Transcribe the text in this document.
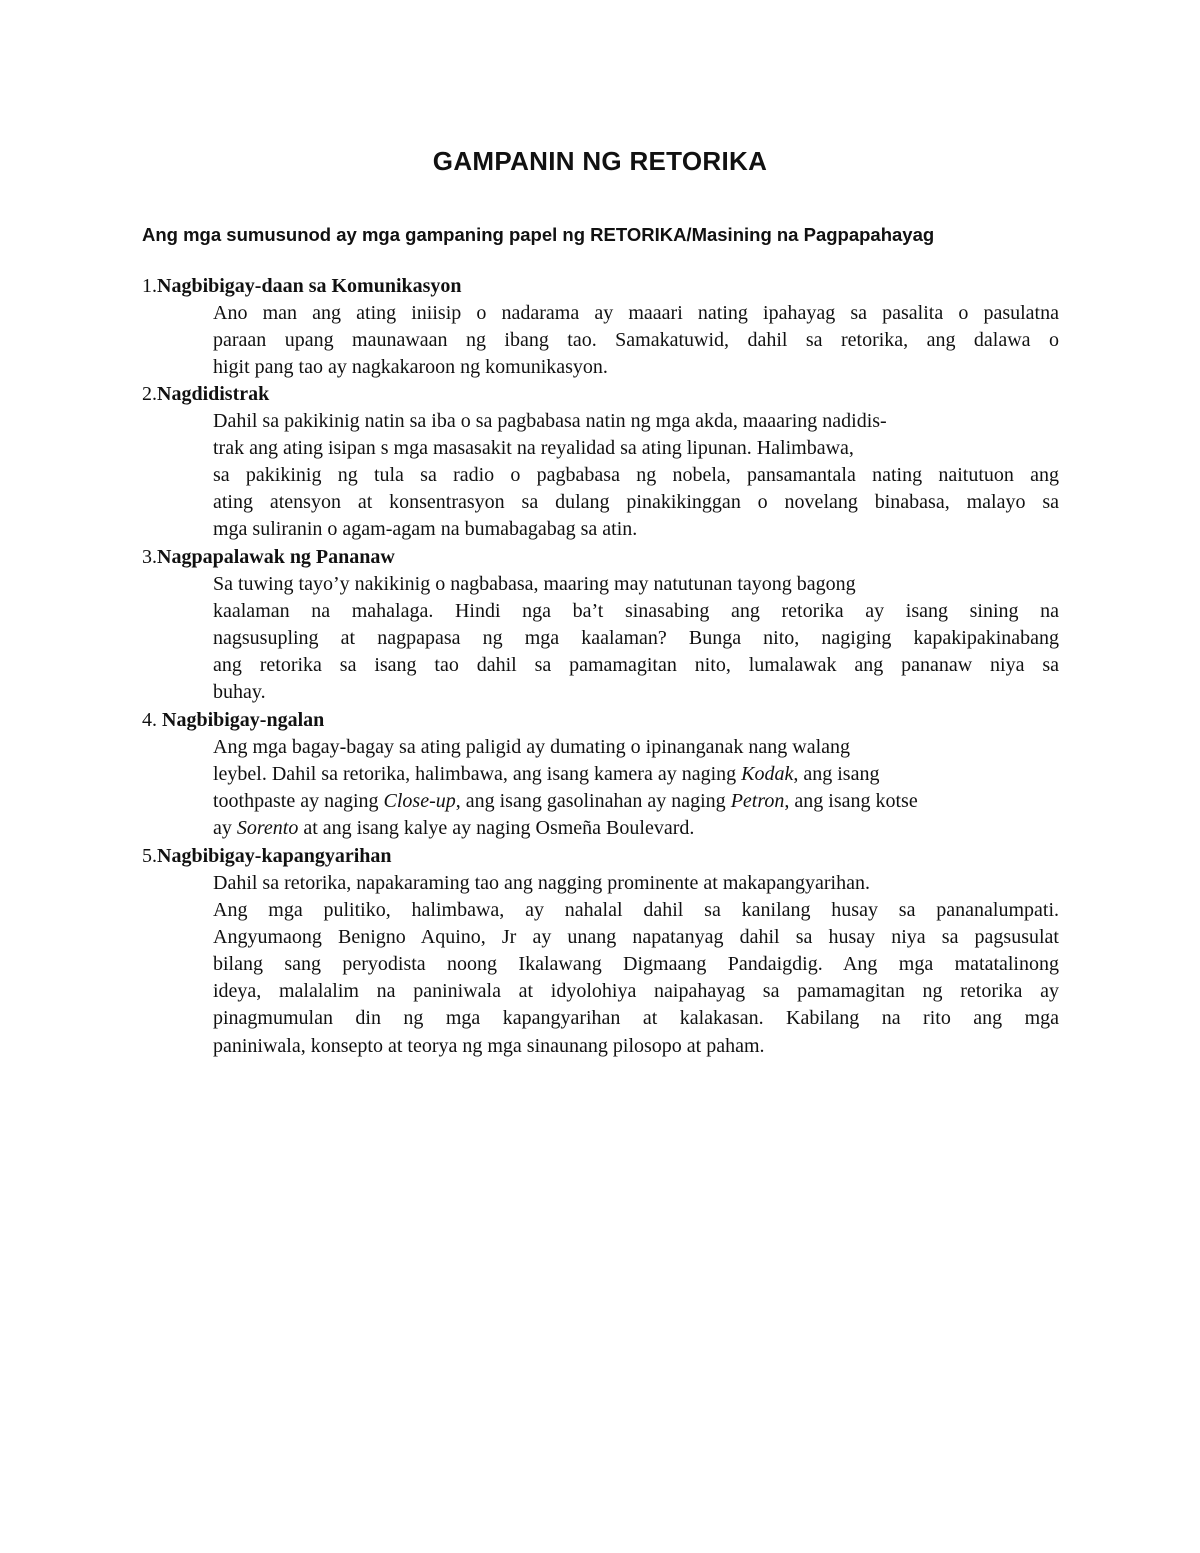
GAMPANIN NG RETORIKA
Ang mga sumusunod ay mga gampaning papel ng RETORIKA/Masining na Pagpapahayag
1.Nagbibigay-daan sa Komunikasyon
Ano man ang ating iniisip o nadarama ay maaari nating ipahayag sa pasalita o pasulatna
paraan upang maunawaan ng ibang tao. Samakatuwid, dahil sa retorika, ang dalawa o
higit pang tao ay nagkakaroon ng komunikasyon.
2.Nagdidistrak
Dahil sa pakikinig natin sa iba o sa pagbabasa natin ng mga akda, maaaring nadidis-
trak ang ating isipan s mga masasakit na reyalidad sa ating lipunan. Halimbawa,
sa pakikinig ng tula sa radio o pagbabasa ng nobela, pansamantala nating naitutuon ang
ating atensyon at konsentrasyon sa dulang pinakikinggan o novelang binabasa, malayo sa
mga suliranin o agam-agam na bumabagabag sa atin.
3.Nagpapalawak ng Pananaw
Sa tuwing tayo’y nakikinig o nagbabasa, maaring may natutunan tayong bagong
kaalaman na mahalaga. Hindi nga ba’t sinasabing ang retorika ay isang sining na
nagsusupling at nagpapasa ng mga kaalaman? Bunga nito, nagiging kapakipakinabang
ang retorika sa isang tao dahil sa pamamagitan nito, lumalawak ang pananaw niya sa
buhay.
4. Nagbibigay-ngalan
Ang mga bagay-bagay sa ating paligid ay dumating o ipinanganak nang walang
leybel. Dahil sa retorika, halimbawa, ang isang kamera ay naging Kodak, ang isang
toothpaste ay naging Close-up, ang isang gasolinahan ay naging Petron, ang isang kotse
ay Sorento at ang isang kalye ay naging Osmeña Boulevard.
5.Nagbibigay-kapangyarihan
Dahil sa retorika, napakaraming tao ang nagging prominente at makapangyarihan.
Ang mga pulitiko, halimbawa, ay nahalal dahil sa kanilang husay sa pananalumpati.
Angyumaong Benigno Aquino, Jr ay unang napatanyag dahil sa husay niya sa pagsusulat
bilang sang peryodista noong Ikalawang Digmaang Pandaigdig. Ang mga matatalinong
ideya, malalalim na paniniwala at idyolohiya naipahayag sa pamamagitan ng retorika ay
pinagmumulan din ng mga kapangyarihan at kalakasan. Kabilang na rito ang mga
paniniwala, konsepto at teorya ng mga sinaunang pilosopo at paham.
